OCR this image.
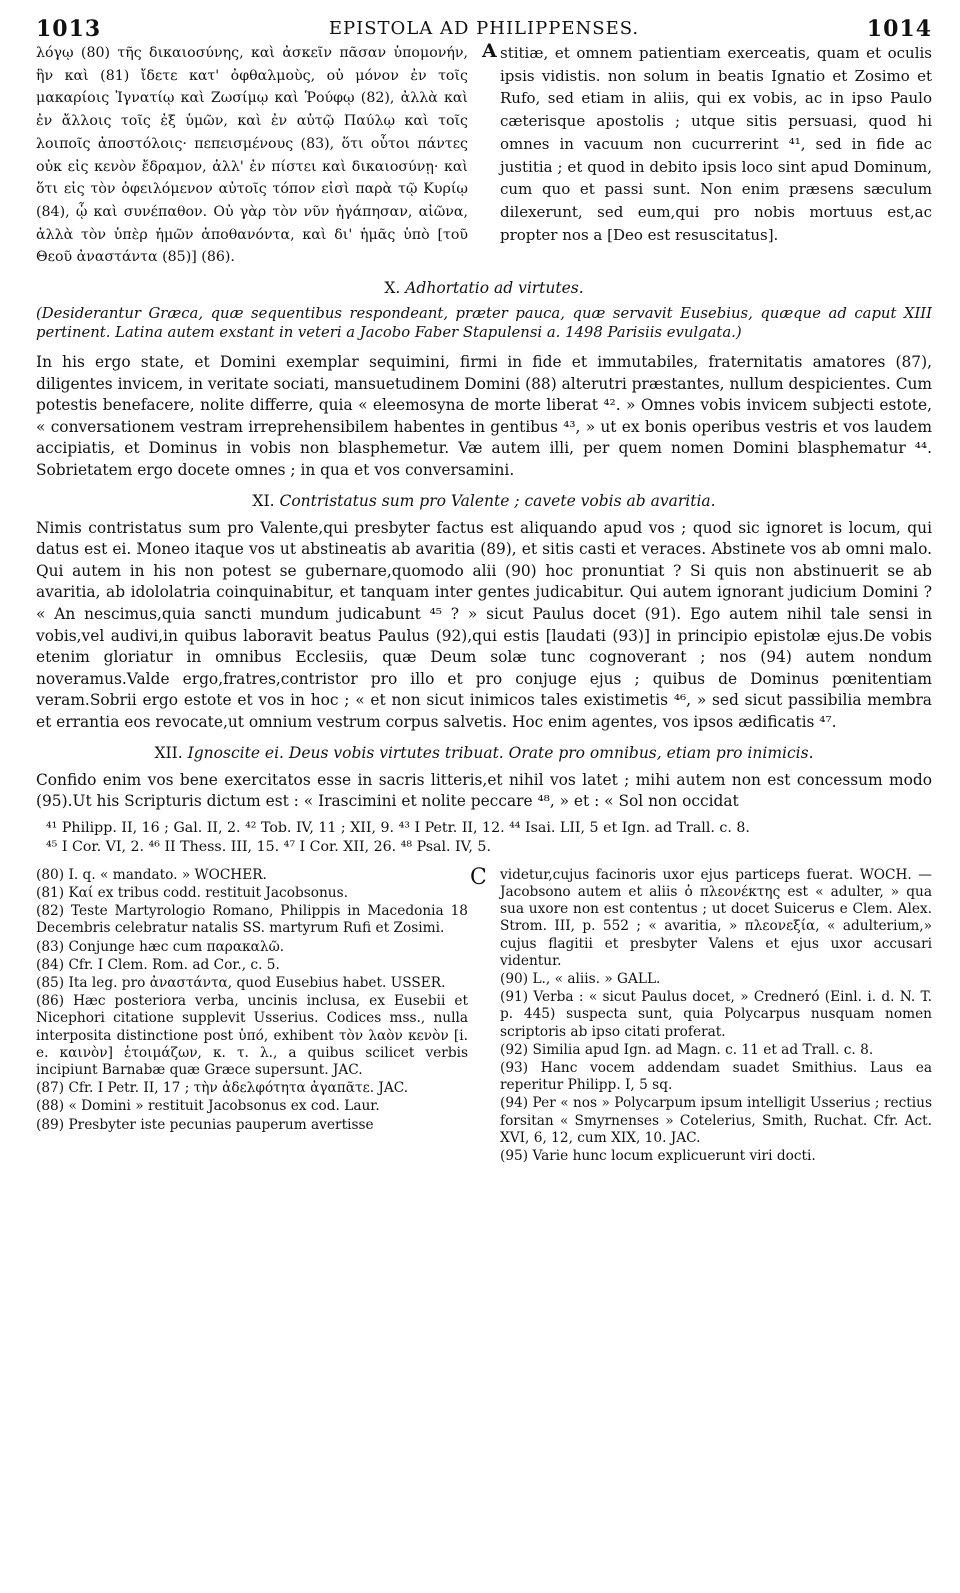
1013	EPISTOLA AD PHILIPPENSES.	1014

λόγῳ (80) τῆς δικαιοσύνης, καὶ ἀσκεῖν πᾶσαν ὑπομονήν, ἣν καὶ (81) ἴδετε κατ' ὀφθαλμοὺς, οὐ μόνον ἐν τοῖς μακαρίοις Ἰγνατίῳ καὶ Ζωσίμῳ καὶ Ῥούφῳ (82), ἀλλὰ καὶ ἐν ἄλλοις τοῖς ἐξ ὑμῶν, καὶ ἐν αὐτῷ Παύλῳ καὶ τοῖς λοιποῖς ἀποστόλοις· πεπεισμένους (83), ὅτι οὗτοι πάντες οὐκ εἰς κενὸν ἔδραμον, ἀλλ' ἐν πίστει καὶ δικαιοσύνῃ· καὶ ὅτι εἰς τὸν ὀφειλόμενον αὐτοῖς τόπον εἰσὶ παρὰ τῷ Κυρίῳ (84), ᾧ καὶ συνέπαθον. Οὐ γὰρ τὸν νῦν ἠγάπησαν, αἰῶνα, ἀλλὰ τὸν ὑπὲρ ἡμῶν ἀποθανόντα, καὶ δι' ἡμᾶς ὑπὸ [τοῦ Θεοῦ ἀναστάντα (85)] (86).

A stitiæ, et omnem patientiam exerceatis, quam et oculis ipsis vidistis. non solum in beatis Ignatio et Zosimo et Rufo, sed etiam in aliis, qui ex vobis, ac in ipso Paulo cæterisque apostolis ; utque sitis persuasi, quod hi omnes in vacuum non cucurrerint ⁴¹, sed in fide ac justitia ; et quod in debito ipsis loco sint apud Dominum, cum quo et passi sunt. Non enim præsens sæculum dilexerunt, sed eum,qui pro nobis mortuus est,ac propter nos a [Deo est resuscitatus].

X. Adhortatio ad virtutes.

(Desiderantur Græca, quæ sequentibus respondeant, præter pauca, quæ servavit Eusebius, quæque ad caput XIII pertinent. Latina autem exstant in veteri a Jacobo Faber Stapulensi a. 1498 Parisiis evulgata.)

In his ergo state, et Domini exemplar sequimini, firmi in fide et immutabiles, fraternitatis amatores (87), diligentes invicem, in veritate sociati, mansuetudinem Domini (88) alterutri præstantes, nullum despicientes. Cum potestis benefacere, nolite differre, quia « eleemosyna de morte liberat ⁴². » Omnes vobis invicem subjecti estote, « conversationem vestram irreprehensibilem habentes in gentibus ⁴³, » ut ex bonis operibus vestris et vos laudem accipiatis, et Dominus in vobis non blasphemetur. Væ autem illi, per quem nomen Domini blasphematur ⁴⁴. Sobrietatem ergo docete omnes ; in qua et vos conversamini.

XI. Contristatus sum pro Valente ; cavete vobis ab avaritia.

Nimis contristatus sum pro Valente,qui presbyter factus est aliquando apud vos ; quod sic ignoret is locum, qui datus est ei. Moneo itaque vos ut abstineatis ab avaritia (89), et sitis casti et veraces. Abstinete vos ab omni malo. Qui autem in his non potest se gubernare,quomodo alii (90) hoc pronuntiat ? Si quis non abstinuerit se ab avaritia, ab idololatria coinquinabitur, et tanquam inter gentes judicabitur. Qui autem ignorant judicium Domini ? « An nescimus,quia sancti mundum judicabunt ⁴⁵ ? » sicut Paulus docet (91). Ego autem nihil tale sensi in vobis,vel audivi,in quibus laboravit beatus Paulus (92),qui estis [laudati (93)] in principio epistolæ ejus.De vobis etenim gloriatur in omnibus Ecclesiis, quæ Deum solæ tunc cognoverant ; nos (94) autem nondum noveramus.Valde ergo,fratres,contristor pro illo et pro conjuge ejus ; quibus de Dominus pœnitentiam veram.Sobrii ergo estote et vos in hoc ; « et non sicut inimicos tales existimetis ⁴⁶, » sed sicut passibilia membra et errantia eos revocate,ut omnium vestrum corpus salvetis. Hoc enim agentes, vos ipsos ædificatis ⁴⁷.

XII. Ignoscite ei. Deus vobis virtutes tribuat. Orate pro omnibus, etiam pro inimicis.

Confido enim vos bene exercitatos esse in sacris litteris,et nihil vos latet ; mihi autem non est concessum modo (95).Ut his Scripturis dictum est : « Irascimini et nolite peccare ⁴⁸, » et : « Sol non occidat

⁴¹ Philipp. II, 16 ; Gal. II, 2. ⁴² Tob. IV, 11 ; XII, 9. ⁴³ I Petr. II, 12. ⁴⁴ Isai. LII, 5 et Ign. ad Trall. c. 8.
⁴⁵ I Cor. VI, 2. ⁴⁶ II Thess. III, 15. ⁴⁷ I Cor. XII, 26. ⁴⁸ Psal. IV, 5.

(80) I. q. « mandato. » WOCHER.

(81) Καί ex tribus codd. restituit Jacobsonus.

(82) Teste Martyrologio Romano, Philippis in Macedonia 18 Decembris celebratur natalis SS. martyrum Rufi et Zosimi.

(83) Conjunge hæc cum παρακαλῶ.

(84) Cfr. I Clem. Rom. ad Cor., c. 5.

(85) Ita leg. pro ἀναστάντα, quod Eusebius habet. USSER.

(86) Hæc posteriora verba, uncinis inclusa, ex Eusebii et Nicephori citatione supplevit Usserius. Codices mss., nulla interposita distinctione post ὑπό, exhibent τὸν λαὸν κενὸν [i. e. καινὸν] ἑτοιμάζων, κ. τ. λ., a quibus scilicet verbis incipiunt Barnabæ quæ Græce supersunt. JAC.

(87) Cfr. I Petr. II, 17 ; τὴν ἀδελφότητα ἀγαπᾶτε. JAC.

(88) « Domini » restituit Jacobsonus ex cod. Laur.

(89) Presbyter iste pecunias pauperum avertisse

C videtur,cujus facinoris uxor ejus particeps fuerat. WOCH. — Jacobsono autem et aliis ὁ πλεονέκτης est « adulter, » qua sua uxore non est contentus ; ut docet Suicerus e Clem. Alex. Strom. III, p. 552 ; « avaritia, » πλεονεξία, « adulterium,» cujus flagitii et presbyter Valens et ejus uxor accusari videntur.

(90) L., « aliis. » GALL.

(91) Verba : « sicut Paulus docet, » Credneró (Einl. i. d. N. T. p. 445) suspecta sunt, quia Polycarpus nusquam nomen scriptoris ab ipso citati proferat.

(92) Similia apud Ign. ad Magn. c. 11 et ad Trall. c. 8.

(93) Hanc vocem addendam suadet Smithius. Laus ea reperitur Philipp. I, 5 sq.

(94) Per « nos » Polycarpum ipsum intelligit Usserius ; rectius forsitan « Smyrnenses » Cotelerius, Smith, Ruchat. Cfr. Act. XVI, 6, 12, cum XIX, 10. JAC.

(95) Varie hunc locum explicuerunt viri docti.
